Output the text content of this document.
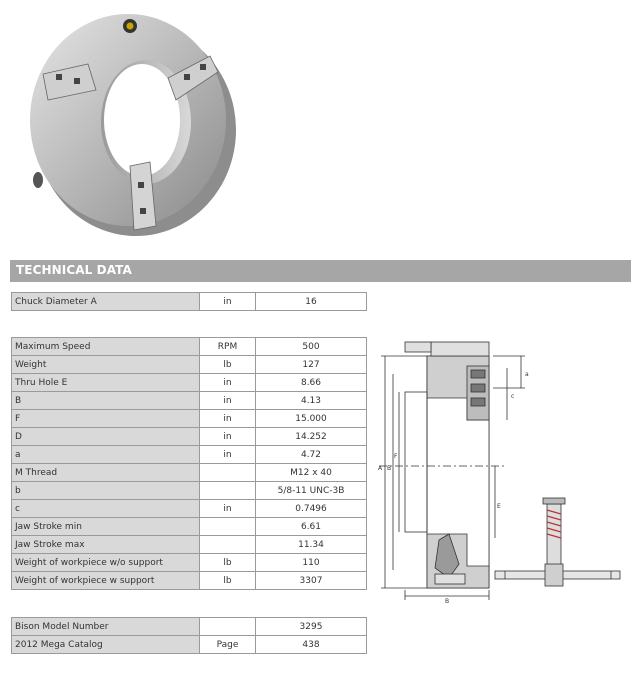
TECHNICAL DATA
Chuck Diameter A	in	16
Maximum Speed	RPM	500
Weight	lb	127
Thru Hole E	in	8.66
B	in	4.13
F	in	15.000
D	in	14.252
a	in	4.72
M Thread		M12 x 40
b		5/8-11 UNC-3B
c	in	0.7496
Jaw Stroke min		6.61
Jaw Stroke max		11.34
Weight of workpiece w/o support	lb	110
Weight of workpiece w support	lb	3307
Bison Model Number		3295
2012 Mega Catalog	Page	438
A B
F
B
a
c
E
